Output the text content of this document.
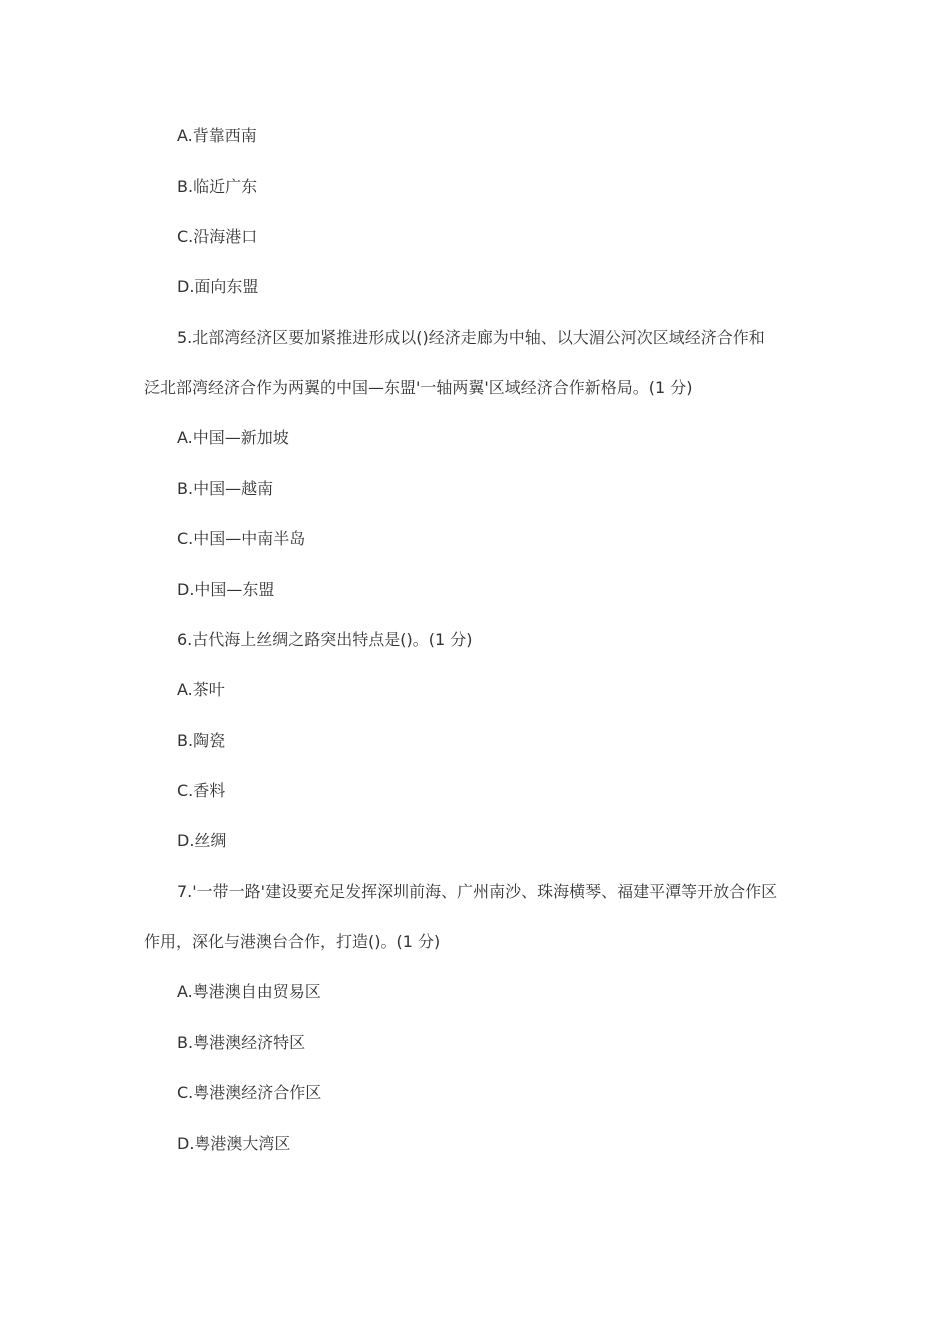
A.背靠西南
B.临近广东
C.沿海港口
D.面向东盟
5.北部湾经济区要加紧推进形成以()经济走廊为中轴、以大湄公河次区域经济合作和
泛北部湾经济合作为两翼的中国—东盟'一轴两翼'区域经济合作新格局。(1 分)
A.中国—新加坡
B.中国—越南
C.中国—中南半岛
D.中国—东盟
6.古代海上丝绸之路突出特点是()。(1 分)
A.茶叶
B.陶瓷
C.香料
D.丝绸
7.'一带一路'建设要充足发挥深圳前海、广州南沙、珠海横琴、福建平潭等开放合作区
作用，深化与港澳台合作，打造()。(1 分)
A.粤港澳自由贸易区
B.粤港澳经济特区
C.粤港澳经济合作区
D.粤港澳大湾区
